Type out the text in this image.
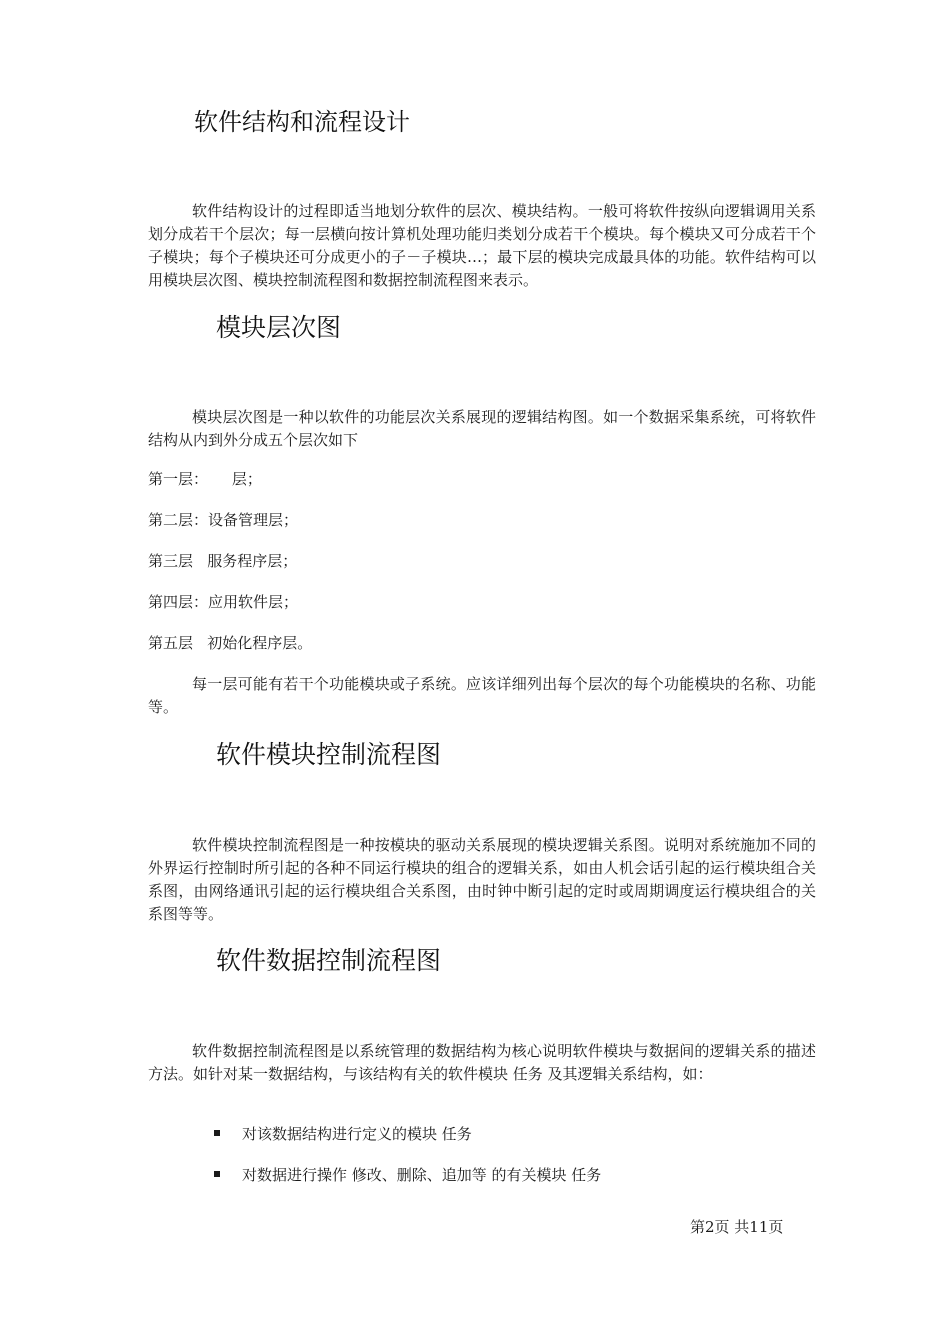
软件结构和流程设计

软件结构设计的过程即适当地划分软件的层次、模块结构。一般可将软件按纵向逻辑调用关系划分成若干个层次；每一层横向按计算机处理功能归类划分成若干个模块。每个模块又可分成若干个子模块；每个子模块还可分成更小的子－子模块…；最下层的模块完成最具体的功能。软件结构可以用模块层次图、模块控制流程图和数据控制流程图来表示。

模块层次图

模块层次图是一种以软件的功能层次关系展现的逻辑结构图。如一个数据采集系统，可将软件结构从内到外分成五个层次如下

第一层：     层；
第二层：设备管理层；
第三层   服务程序层；
第四层：应用软件层；
第五层   初始化程序层。

每一层可能有若干个功能模块或子系统。应该详细列出每个层次的每个功能模块的名称、功能等。

软件模块控制流程图

软件模块控制流程图是一种按模块的驱动关系展现的模块逻辑关系图。说明对系统施加不同的外界运行控制时所引起的各种不同运行模块的组合的逻辑关系，如由人机会话引起的运行模块组合关系图，由网络通讯引起的运行模块组合关系图，由时钟中断引起的定时或周期调度运行模块组合的关系图等等。

软件数据控制流程图

软件数据控制流程图是以系统管理的数据结构为核心说明软件模块与数据间的逻辑关系的描述方法。如针对某一数据结构，与该结构有关的软件模块 任务 及其逻辑关系结构，如：

对该数据结构进行定义的模块 任务
对数据进行操作 修改、删除、追加等 的有关模块 任务
第2页 共11页
